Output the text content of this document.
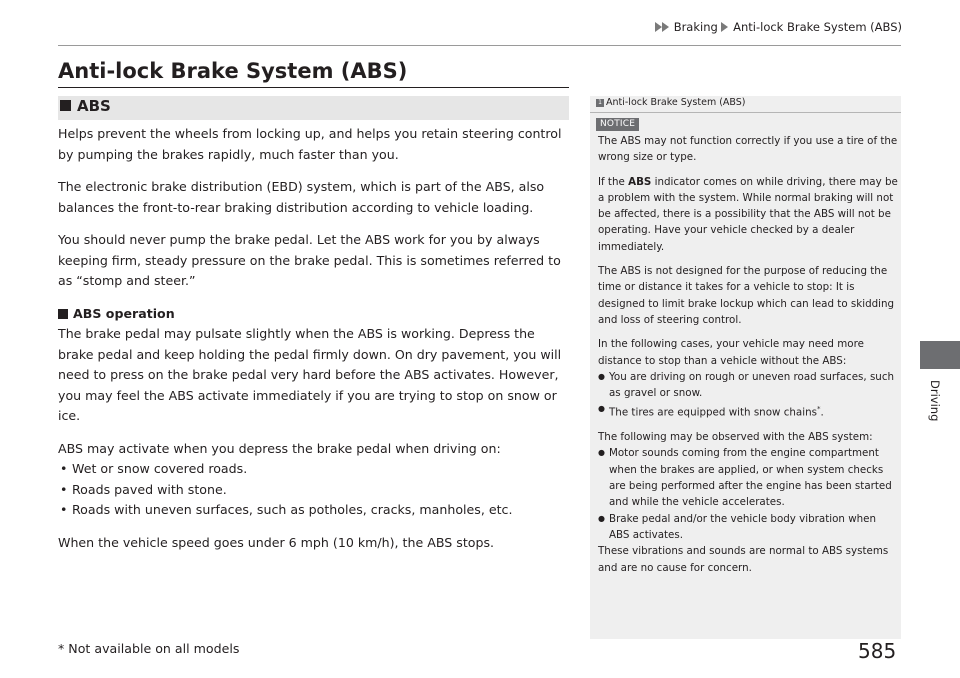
Braking Anti-lock Brake System (ABS)
Driving
Anti-lock Brake System (ABS)
ABS

Helps prevent the wheels from locking up, and helps you retain steering control by pumping the brakes rapidly, much faster than you.

The electronic brake distribution (EBD) system, which is part of the ABS, also balances the front-to-rear braking distribution according to vehicle loading.

You should never pump the brake pedal. Let the ABS work for you by always keeping firm, steady pressure on the brake pedal. This is sometimes referred to as “stomp and steer.”

ABS operation

The brake pedal may pulsate slightly when the ABS is working. Depress the brake pedal and keep holding the pedal firmly down. On dry pavement, you will need to press on the brake pedal very hard before the ABS activates. However, you may feel the ABS activate immediately if you are trying to stop on snow or ice.

ABS may activate when you depress the brake pedal when driving on:

• Wet or snow covered roads.
• Roads paved with stone.
• Roads with uneven surfaces, such as potholes, cracks, manholes, etc.

When the vehicle speed goes under 6 mph (10 km/h), the ABS stops.

1 Anti-lock Brake System (ABS)
NOTICE

The ABS may not function correctly if you use a tire of the wrong size or type.

If the ABS indicator comes on while driving, there may be a problem with the system. While normal braking will not be affected, there is a possibility that the ABS will not be operating. Have your vehicle checked by a dealer immediately.

The ABS is not designed for the purpose of reducing the time or distance it takes for a vehicle to stop: It is designed to limit brake lockup which can lead to skidding and loss of steering control.

In the following cases, your vehicle may need more distance to stop than a vehicle without the ABS:

● You are driving on rough or uneven road surfaces, such as gravel or snow.
● The tires are equipped with snow chains*.

The following may be observed with the ABS system:

● Motor sounds coming from the engine compartment when the brakes are applied, or when system checks are being performed after the engine has been started and while the vehicle accelerates.
● Brake pedal and/or the vehicle body vibration when ABS activates.

These vibrations and sounds are normal to ABS systems and are no cause for concern.

* Not available on all models	585
